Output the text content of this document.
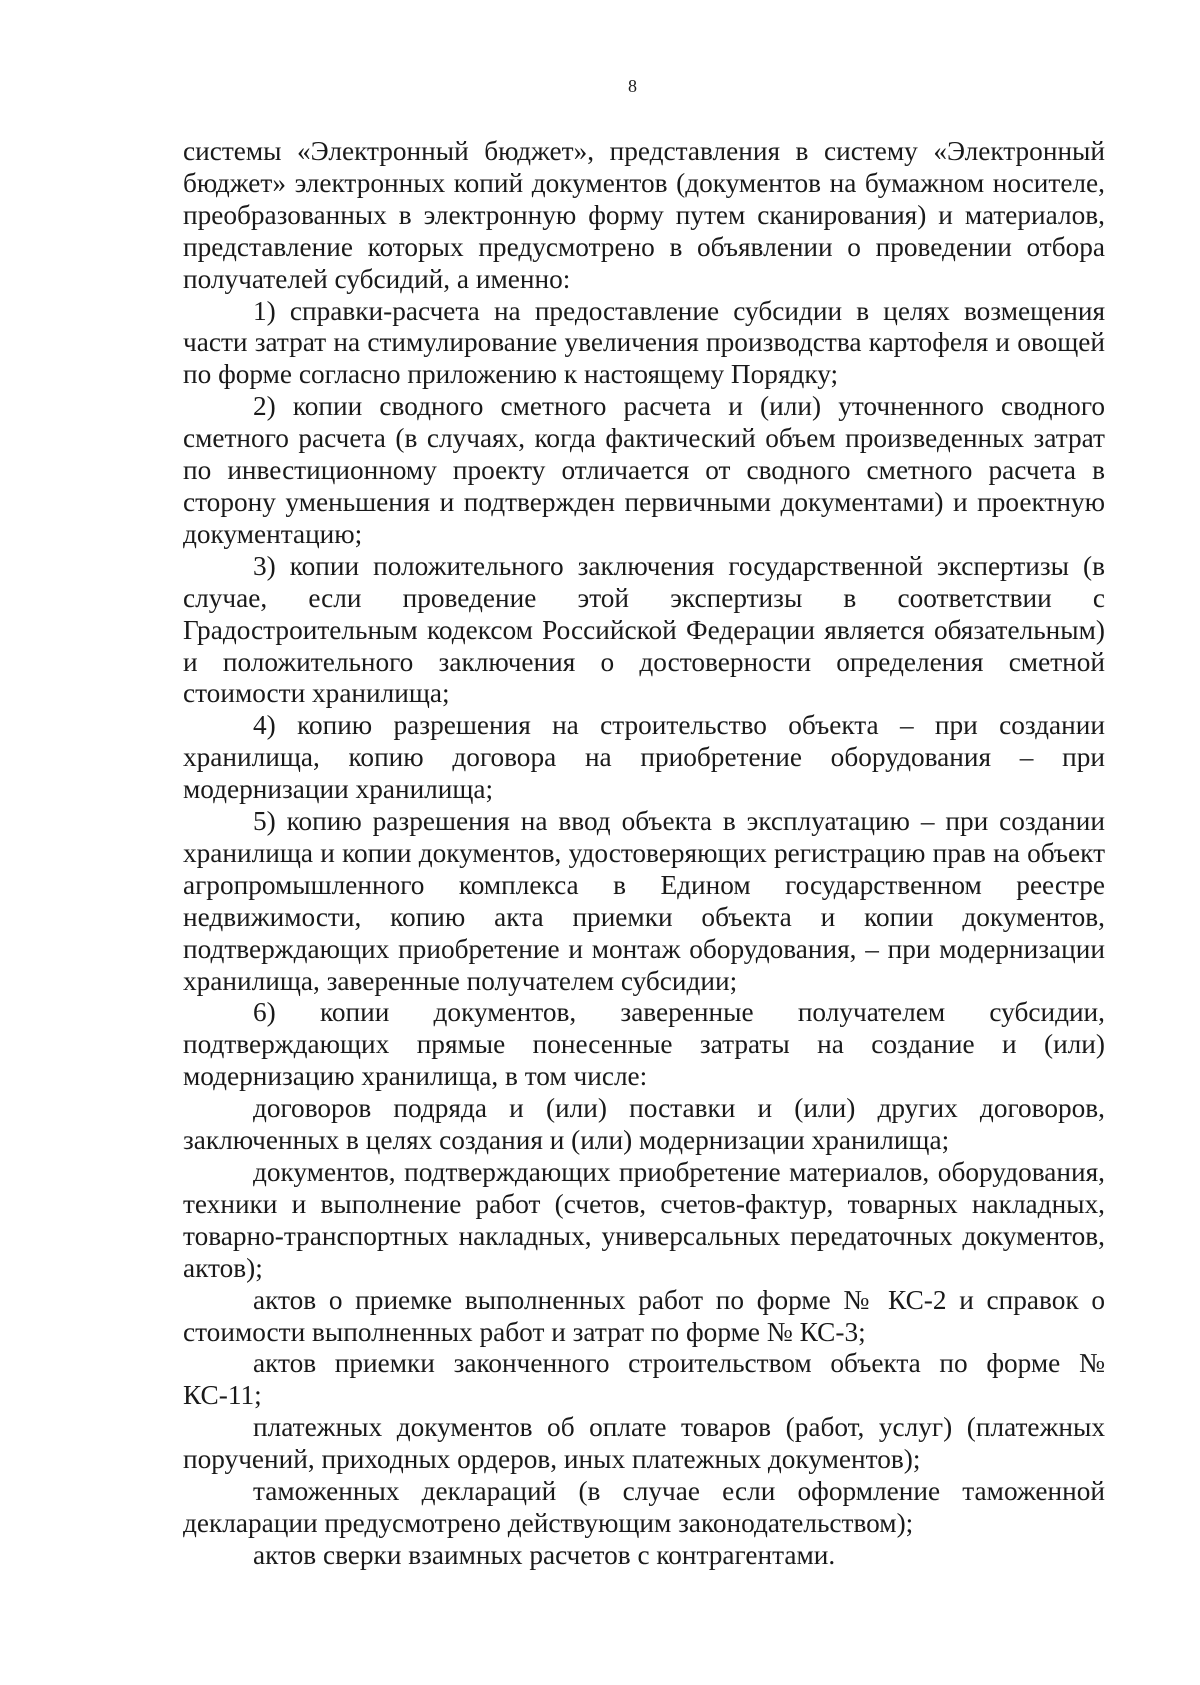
8

системы «Электронный бюджет», представления в систему «Электронный бюджет» электронных копий документов (документов на бумажном носителе, преобразованных в электронную форму путем сканирования) и материалов, представление которых предусмотрено в объявлении о проведении отбора получателей субсидий, а именно:

1) справки-расчета на предоставление субсидии в целях возмещения части затрат на стимулирование увеличения производства картофеля и овощей по форме согласно приложению к настоящему Порядку;

2) копии сводного сметного расчета и (или) уточненного сводного сметного расчета (в случаях, когда фактический объем произведенных затрат по инвестиционному проекту отличается от сводного сметного расчета в сторону уменьшения и подтвержден первичными документами) и проектную документацию;

3) копии положительного заключения государственной экспертизы (в случае, если проведение этой экспертизы в соответствии с Градостроительным кодексом Российской Федерации является обязательным) и положительного заключения о достоверности определения сметной стоимости хранилища;

4) копию разрешения на строительство объекта – при создании хранилища, копию договора на приобретение оборудования – при модернизации хранилища;

5) копию разрешения на ввод объекта в эксплуатацию – при создании хранилища и копии документов, удостоверяющих регистрацию прав на объект агропромышленного комплекса в Едином государственном реестре недвижимости, копию акта приемки объекта и копии документов, подтверждающих приобретение и монтаж оборудования, – при модернизации хранилища, заверенные получателем субсидии;

6) копии документов, заверенные получателем субсидии, подтверждающих прямые понесенные затраты на создание и (или) модернизацию хранилища, в том числе:

договоров подряда и (или) поставки и (или) других договоров, заключенных в целях создания и (или) модернизации хранилища;

документов, подтверждающих приобретение материалов, оборудования, техники и выполнение работ (счетов, счетов-фактур, товарных накладных, товарно-транспортных накладных, универсальных передаточных документов, актов);

актов о приемке выполненных работ по форме № КС-2 и справок о стоимости выполненных работ и затрат по форме № КС-3;

актов приемки законченного строительством объекта по форме № КС-11;

платежных документов об оплате товаров (работ, услуг) (платежных поручений, приходных ордеров, иных платежных документов);

таможенных деклараций (в случае если оформление таможенной декларации предусмотрено действующим законодательством);

актов сверки взаимных расчетов с контрагентами.
